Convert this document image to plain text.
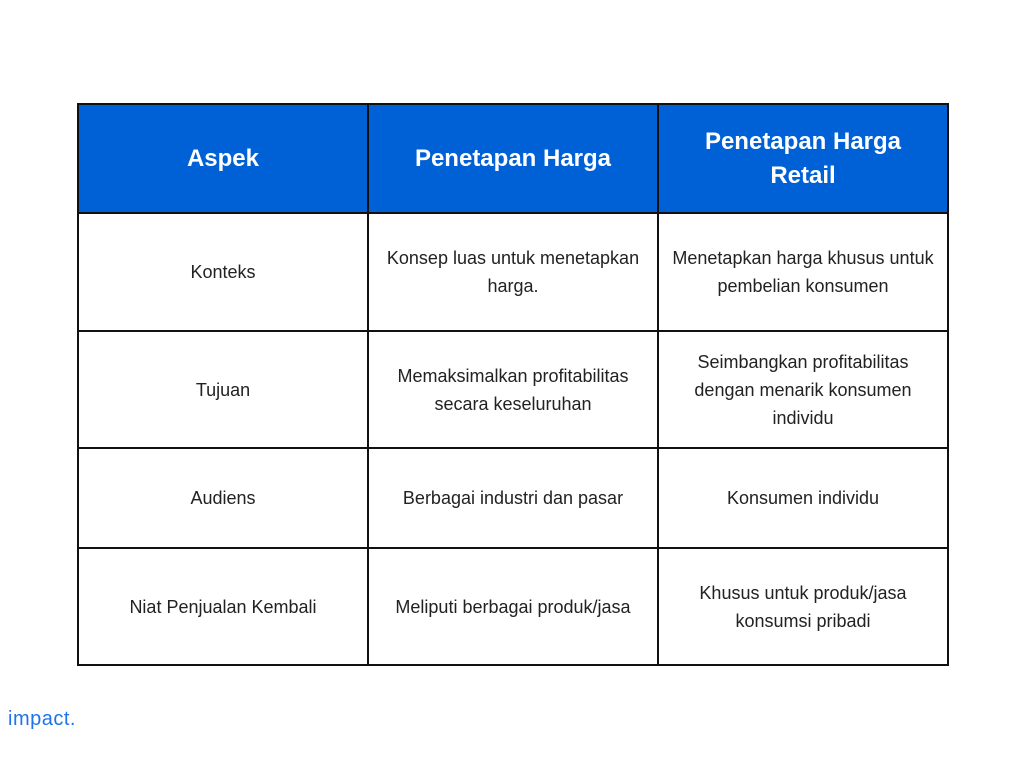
Aspek	Penetapan Harga	Penetapan Harga Retail
Konteks	Konsep luas untuk menetapkan harga.	Menetapkan harga khusus untuk pembelian konsumen
Tujuan	Memaksimalkan profitabilitas secara keseluruhan	Seimbangkan profitabilitas dengan menarik konsumen individu
Audiens	Berbagai industri dan pasar	Konsumen individu
Niat Penjualan Kembali	Meliputi berbagai produk/jasa	Khusus untuk produk/jasa konsumsi pribadi
impact.
